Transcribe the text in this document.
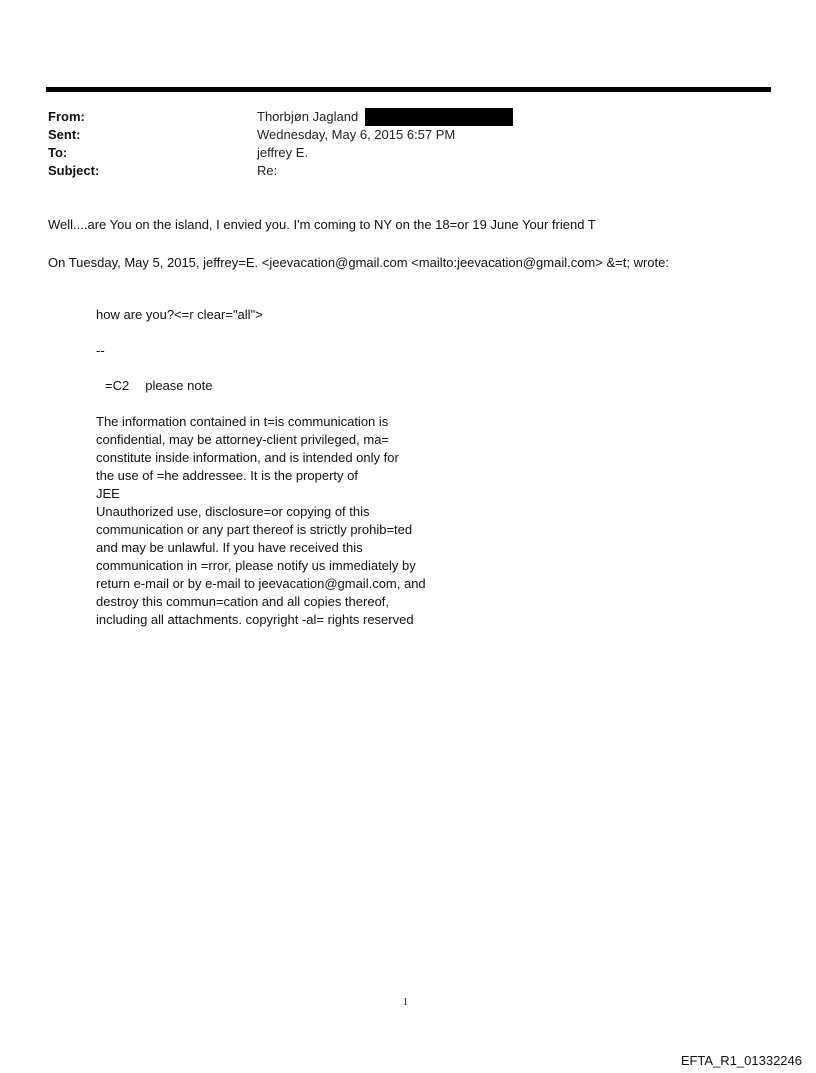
From:	Thorbjøn Jagland
Sent:	Wednesday, May 6, 2015 6:57 PM
To:	jeffrey E.
Subject:	Re:
Well....are You on the island, I envied you. I'm coming to NY on the 18=or 19 June Your friend T
On Tuesday, May 5, 2015, jeffrey=E. <jeevacation@gmail.com <mailto:jeevacation@gmail.com> &=t; wrote:
how are you?<=r clear="all">
--
=C2 please note
The information contained in t=is communication is
confidential, may be attorney-client privileged, ma=
constitute inside information, and is intended only for
the use of =he addressee. It is the property of
JEE
Unauthorized use, disclosure=or copying of this
communication or any part thereof is strictly prohib=ted
and may be unlawful. If you have received this
communication in =rror, please notify us immediately by
return e-mail or by e-mail to jeevacation@gmail.com, and
destroy this commun=cation and all copies thereof,
including all attachments. copyright -al= rights reserved
1
EFTA_R1_01332246
